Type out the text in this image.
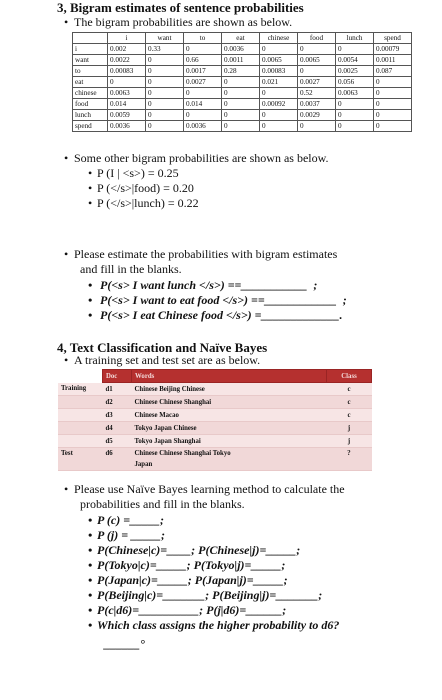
3, Bigram estimates of sentence probabilities
• The bigram probabilities are shown as below.
	i	want	to	eat	chinese	food	lunch	spend
i	0.002	0.33	0	0.0036	0	0	0	0.00079
want	0.0022	0	0.66	0.0011	0.0065	0.0065	0.0054	0.0011
to	0.00083	0	0.0017	0.28	0.00083	0	0.0025	0.087
eat	0	0	0.0027	0	0.021	0.0027	0.056	0
chinese	0.0063	0	0	0	0	0.52	0.0063	0
food	0.014	0	0.014	0	0.00092	0.0037	0	0
lunch	0.0059	0	0	0	0	0.0029	0	0
spend	0.0036	0	0.0036	0	0	0	0	0
• Some other bigram probabilities are shown as below.
• P (I | <s>) = 0.25
• P (</s>|food) = 0.20
• P (</s>|lunch) = 0.22
• Please estimate the probabilities with bigram estimates
and fill in the blanks.
• P(<s> I want lunch </s>) ==___________ ;
• P(<s> I want to eat food </s>) ==____________ ;
• P(<s> I eat Chinese food </s>) =_____________.
4, Text Classification and Naïve Bayes
• A training set and test set are as below.
	Doc	Words	Class
Training	d1	Chinese Beijing Chinese	c
	d2	Chinese Chinese Shanghai	c
	d3	Chinese Macao	c
	d4	Tokyo Japan Chinese	j
	d5	Tokyo Japan Shanghai	j
Test	d6	Chinese Chinese Shanghai Tokyo
Japan	?
• Please use Naïve Bayes learning method to calculate the
probabilities and fill in the blanks.
• P (c) =_____;
• P (j) = _____;
• P(Chinese|c)=____; P(Chinese|j)=_____;
• P(Tokyo|c)=_____; P(Tokyo|j)=_____;
• P(Japan|c)=_____; P(Japan|j)=_____;
• P(Beijing|c)=_______; P(Beijing|j)=_______;
• P(c|d6)=__________; P(j|d6)=______;
• Which class assigns the higher probability to d6?
______°
